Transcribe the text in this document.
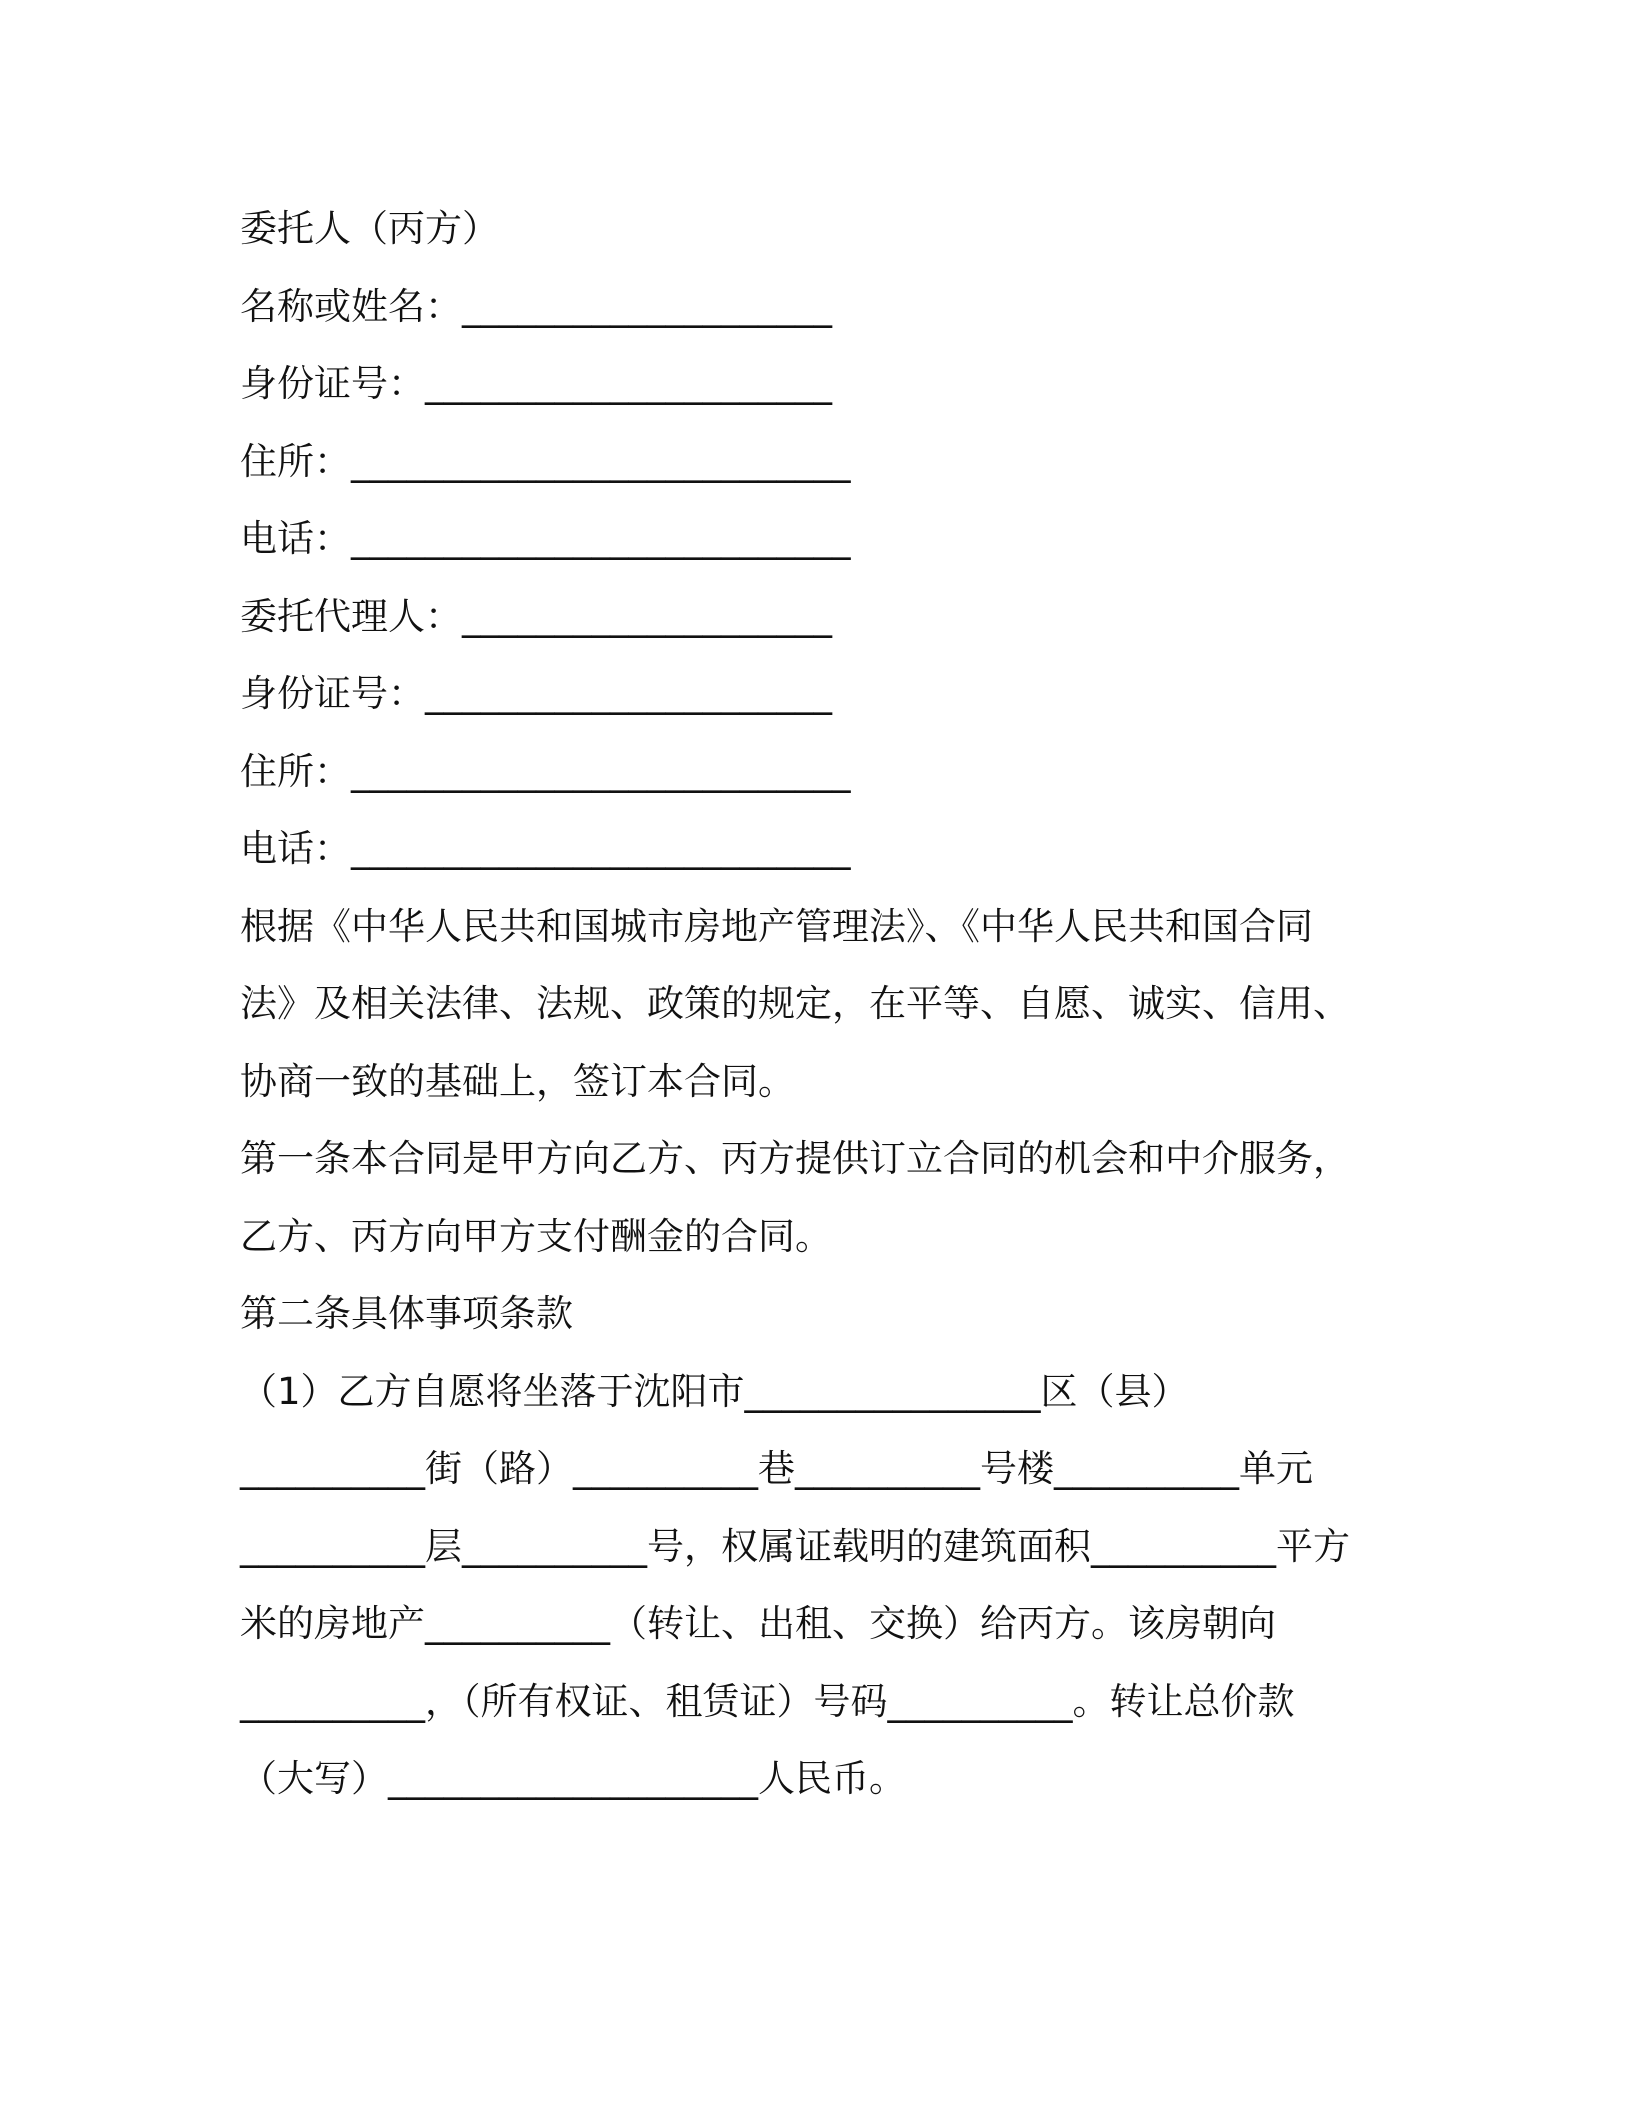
委托人（丙方）
名称或姓名：____________________
身份证号：______________________
住所：___________________________
电话：___________________________
委托代理人：____________________
身份证号：______________________
住所：___________________________
电话：___________________________
根据《中华人民共和国城市房地产管理法》、《中华人民共和国合同
法》及相关法律、法规、政策的规定，在平等、自愿、诚实、信用、
协商一致的基础上，签订本合同。
第一条本合同是甲方向乙方、丙方提供订立合同的机会和中介服务，
乙方、丙方向甲方支付酬金的合同。
第二条具体事项条款
（1）乙方自愿将坐落于沈阳市________________区（县）
__________街（路）__________巷__________号楼__________单元
__________层__________号，权属证载明的建筑面积__________平方
米的房地产__________（转让、出租、交换）给丙方。该房朝向
__________，（所有权证、租赁证）号码__________。转让总价款
（大写）____________________人民币。
